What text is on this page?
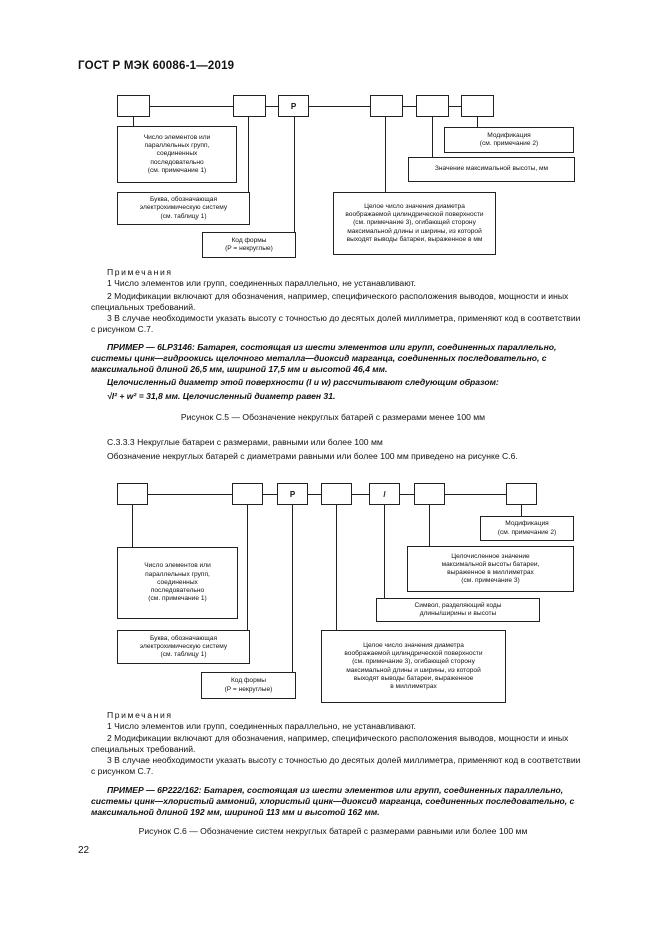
ГОСТ Р МЭК 60086-1—2019
P
Число элементов или
параллельных групп,
соединенных
последовательно
(см. примечание 1)
Буква, обозначающая
электрохимическую систему
(см. таблицу 1)
Код формы
(P = некруглые)
Целое число значения диаметра
воображаемой цилиндрической поверхности
(см. примечание 3), огибающей сторону
максимальной длины и ширины, из которой
выходят выводы батареи, выраженное в мм
Значение максимальной высоты, мм
Модификация
(см. примечание 2)
Примечания
1 Число элементов или групп, соединенных параллельно, не устанавливают.
2 Модификации включают для обозначения, например, специфического расположения выводов, мощности и иных специальных требований.
3 В случае необходимости указать высоту с точностью до десятых долей миллиметра, применяют код в соответствии с рисунком С.7.
ПРИМЕР — 6LP3146: Батарея, состоящая из шести элементов или групп, соединенных параллельно, системы цинк—гидроокись щелочного металла—диоксид марганца, соединенных последовательно, с максимальной длиной 26,5 мм, шириной 17,5 мм и высотой 46,4 мм.
Целочисленный диаметр этой поверхности (l и w) рассчитывают следующим образом:
√l² + w² = 31,8 мм. Целочисленный диаметр равен 31.
Рисунок С.5 — Обозначение некруглых батарей с размерами менее 100 мм
С.3.3.3 Некруглые батареи с размерами, равными или более 100 мм
Обозначение некруглых батарей с диаметрами равными или более 100 мм приведено на рисунке С.6.
P	/
Модификация
(см. примечание 2)
Целочисленное значение
максимальной высоты батареи,
выраженное в миллиметрах
(см. примечание 3)
Символ, разделяющий коды
длины/ширины и высоты
Число элементов или
параллельных групп,
соединенных
последовательно
(см. примечание 1)
Буква, обозначающая
электрохимическую систему
(см. таблицу 1)
Целое число значения диаметра
воображаемой цилиндрической поверхности
(см. примечание 3), огибающей сторону
максимальной длины и ширины, из которой
выходят выводы батареи, выраженное
в миллиметрах
Код формы
(P = некруглые)
Примечания
1 Число элементов или групп, соединенных параллельно, не устанавливают.
2 Модификации включают для обозначения, например, специфического расположения выводов, мощности и иных специальных требований.
3 В случае необходимости указать высоту с точностью до десятых долей миллиметра, применяют код в соответствии с рисунком С.7.
ПРИМЕР — 6P222/162: Батарея, состоящая из шести элементов или групп, соединенных параллельно, системы цинк—хлористый аммоний, хлористый цинк—диоксид марганца, соединенных последовательно, с максимальной длиной 192 мм, шириной 113 мм и высотой 162 мм.
Рисунок С.6 — Обозначение систем некруглых батарей с размерами равными или более 100 мм
22
